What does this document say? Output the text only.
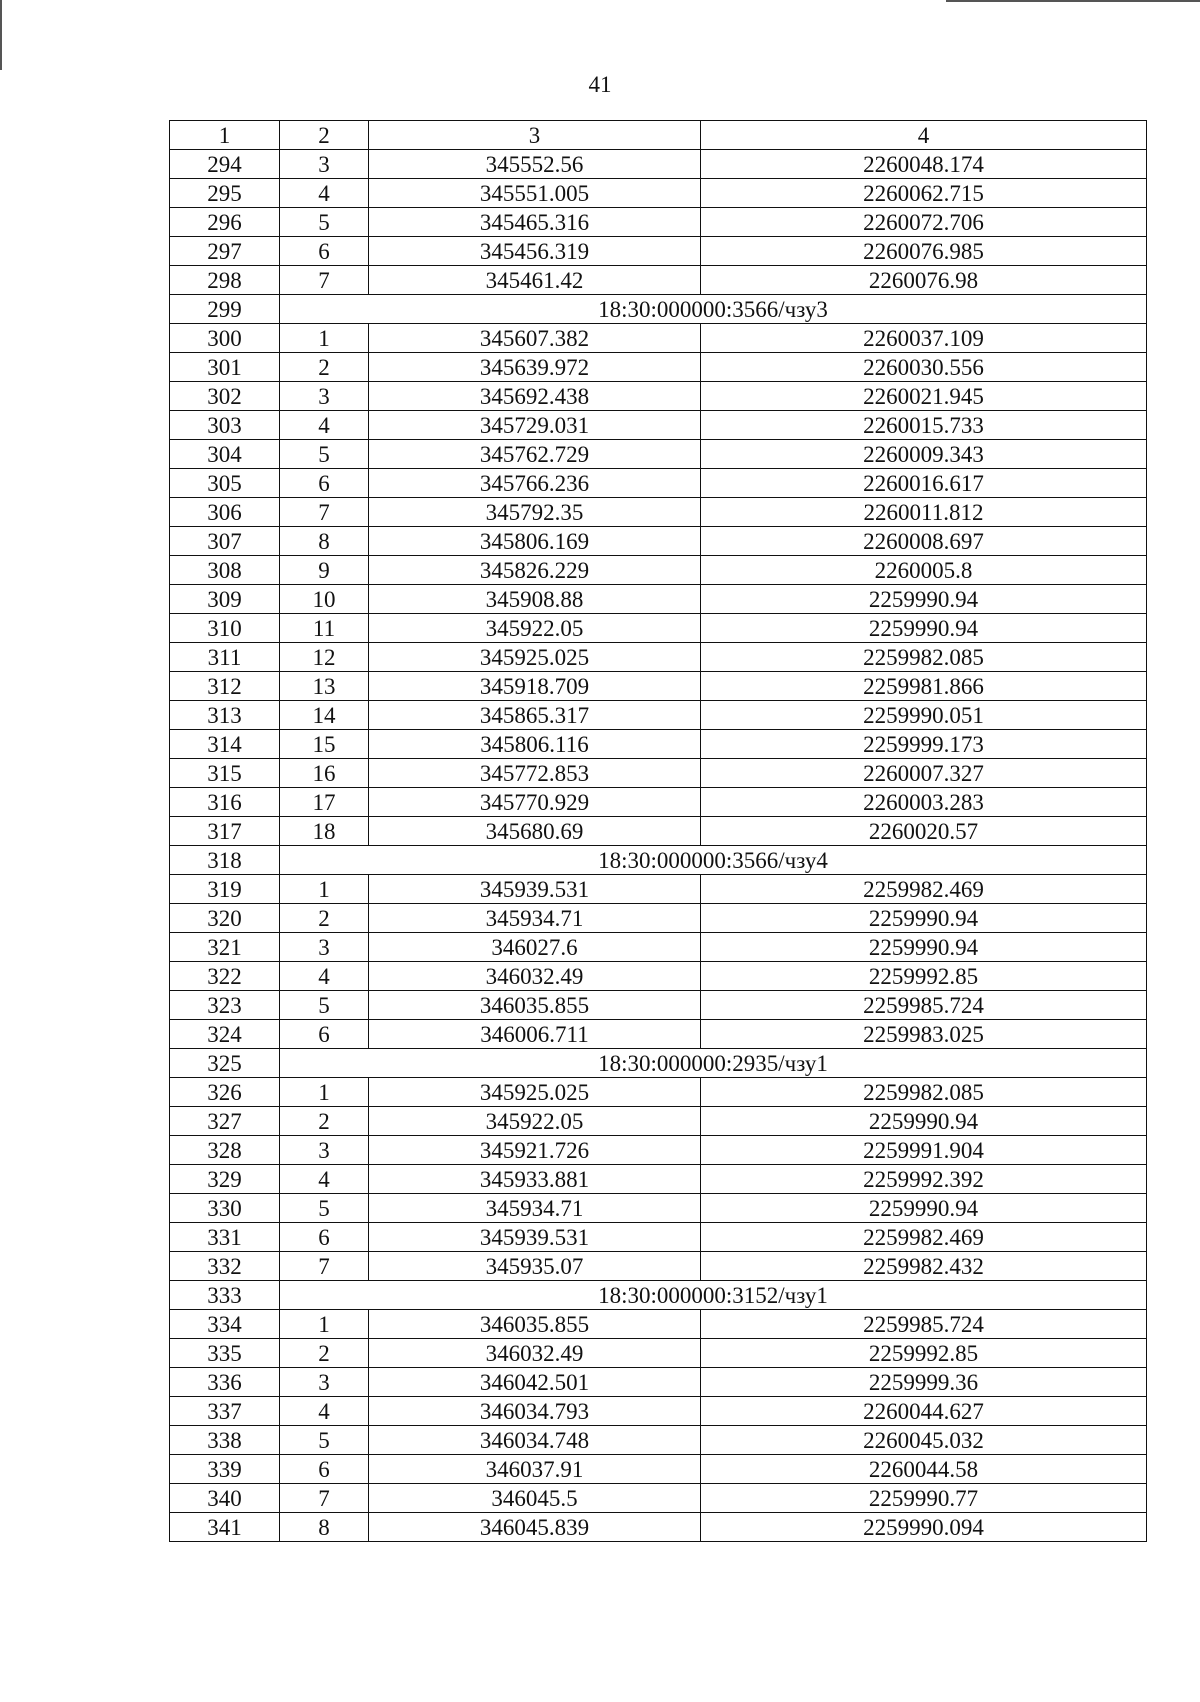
41
1	2	3	4
294	3	345552.56	2260048.174
295	4	345551.005	2260062.715
296	5	345465.316	2260072.706
297	6	345456.319	2260076.985
298	7	345461.42	2260076.98
299	18:30:000000:3566/чзу3		
300	1	345607.382	2260037.109
301	2	345639.972	2260030.556
302	3	345692.438	2260021.945
303	4	345729.031	2260015.733
304	5	345762.729	2260009.343
305	6	345766.236	2260016.617
306	7	345792.35	2260011.812
307	8	345806.169	2260008.697
308	9	345826.229	2260005.8
309	10	345908.88	2259990.94
310	11	345922.05	2259990.94
311	12	345925.025	2259982.085
312	13	345918.709	2259981.866
313	14	345865.317	2259990.051
314	15	345806.116	2259999.173
315	16	345772.853	2260007.327
316	17	345770.929	2260003.283
317	18	345680.69	2260020.57
318	18:30:000000:3566/чзу4		
319	1	345939.531	2259982.469
320	2	345934.71	2259990.94
321	3	346027.6	2259990.94
322	4	346032.49	2259992.85
323	5	346035.855	2259985.724
324	6	346006.711	2259983.025
325	18:30:000000:2935/чзу1		
326	1	345925.025	2259982.085
327	2	345922.05	2259990.94
328	3	345921.726	2259991.904
329	4	345933.881	2259992.392
330	5	345934.71	2259990.94
331	6	345939.531	2259982.469
332	7	345935.07	2259982.432
333	18:30:000000:3152/чзу1		
334	1	346035.855	2259985.724
335	2	346032.49	2259992.85
336	3	346042.501	2259999.36
337	4	346034.793	2260044.627
338	5	346034.748	2260045.032
339	6	346037.91	2260044.58
340	7	346045.5	2259990.77
341	8	346045.839	2259990.094
